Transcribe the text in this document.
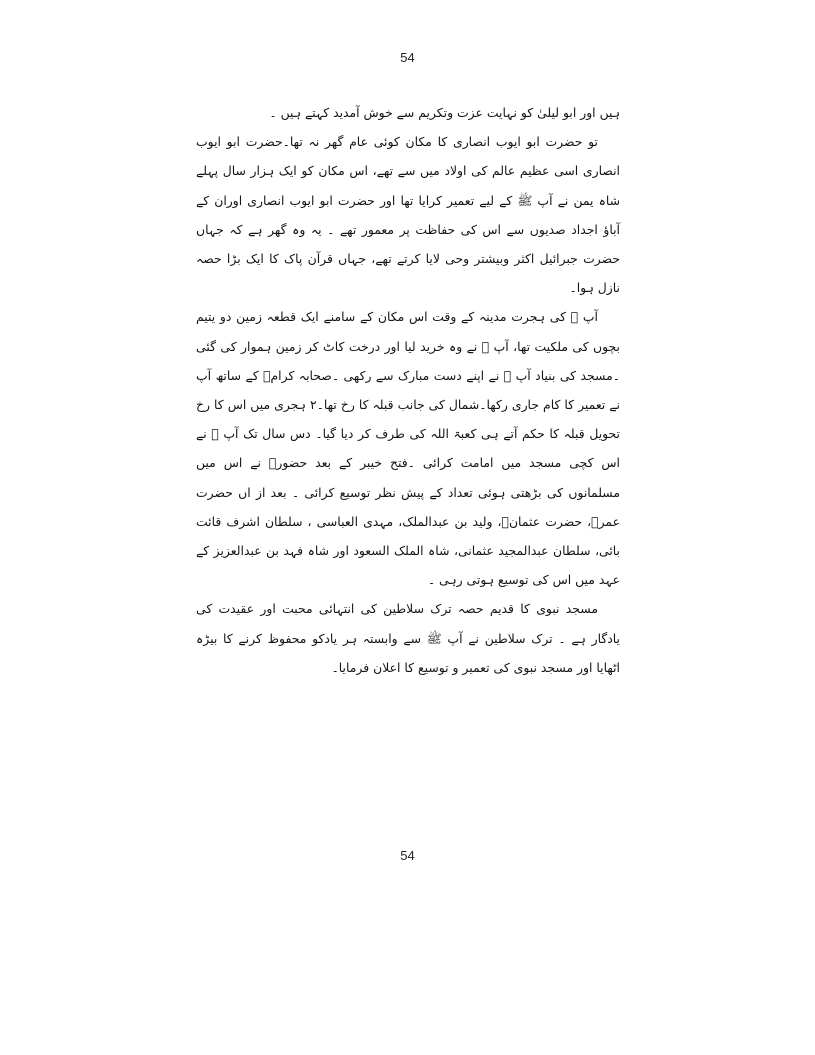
54

ہیں اور ابو لیلیٰ کو نہایت عزت وتکریم سے خوش آمدید کہتے ہیں ۔

تو حضرت ابو ایوب انصاری کا مکان کوئی عام گھر نہ تھا۔حضرت ابو ایوب انصاری اسی عظیم عالم کی اولاد میں سے تھے، اس مکان کو ایک ہزار سال پہلے شاہ یمن نے آپ ﷺ کے لیے تعمیر کرایا تھا اور حضرت ابو ایوب انصاری اوران کے آباؤ اجداد صدیوں سے اس کی حفاظت پر معمور تھے ۔ یہ وہ گھر ہے کہ جہاں حضرت جبرائیل اکثر وبیشتر وحی لایا کرتے تھے، جہاں قرآن پاک کا ایک بڑا حصہ نازل ہوا۔

آپ ﷺ کی ہجرت مدینہ کے وقت اس مکان کے سامنے ایک قطعہ زمین دو یتیم بچوں کی ملکیت تھا، آپ ﷺ نے وہ خرید لیا اور درخت کاٹ کر زمین ہموار کی گئی ۔مسجد کی بنیاد آپ ﷺ نے اپنے دست مبارک سے رکھی ۔صحابہ کرامؓ کے ساتھ آپ نے تعمیر کا کام جاری رکھا۔شمال کی جانب قبلہ کا رخ تھا۔۲ ہجری میں اس کا رخ تحویل قبلہ کا حکم آتے ہی کعبۃ اللہ کی طرف کر دیا گیا۔ دس سال تک آپ ﷺ نے اس کچی مسجد میں امامت کرائی ۔فتح خیبر کے بعد حضورؐ نے اس میں مسلمانوں کی بڑھتی ہوئی تعداد کے پیش نظر توسیع کرائی ۔ بعد از اں حضرت عمرؓ، حضرت عثمانؓ، ولید بن عبدالملک، مہدی العباسی ، سلطان اشرف قائت بائی، سلطان عبدالمجید عثمانی، شاہ الملک السعود اور شاہ فہد بن عبدالعزیز کے عہد میں اس کی توسیع ہوتی رہی ۔

مسجد نبوی کا قدیم حصہ ترک سلاطین کی انتہائی محبت اور عقیدت کی یادگار ہے ۔ ترک سلاطین نے آپ ﷺ سے وابستہ ہر یادکو محفوظ کرنے کا بیڑہ اٹھایا اور مسجد نبوی کی تعمیر و توسیع کا اعلان فرمایا۔

54
